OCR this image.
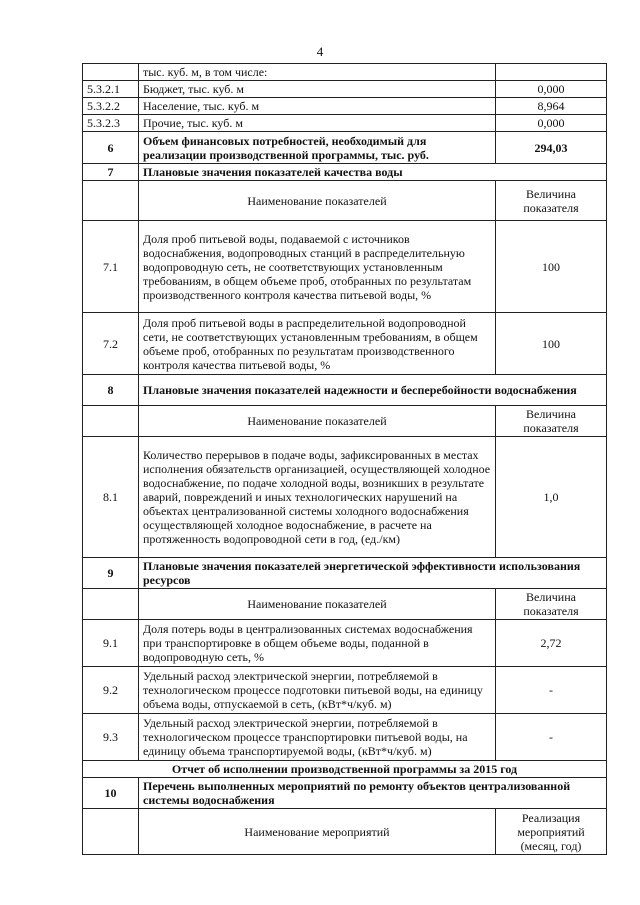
4
	тыс. куб. м, в том числе:	
5.3.2.1	Бюджет, тыс. куб. м	0,000
5.3.2.2	Население, тыс. куб. м	8,964
5.3.2.3	Прочие, тыс. куб. м	0,000
6	Объем финансовых потребностей, необходимый для реализации производственной программы, тыс. руб.	294,03
7	Плановые значения показателей качества воды	
	Наименование показателей	Величина показателя
7.1	Доля проб питьевой воды, подаваемой с источников водоснабжения, водопроводных станций в распределительную водопроводную сеть, не соответствующих установленным требованиям, в общем объеме проб, отобранных по результатам производственного контроля качества питьевой воды, %	100
7.2	Доля проб питьевой воды в распределительной водопроводной сети, не соответствующих установленным требованиям, в общем объеме проб, отобранных по результатам производственного контроля качества питьевой воды, %	100
8	Плановые значения показателей надежности и бесперебойности водоснабжения	
	Наименование показателей	Величина показателя
8.1	Количество перерывов в подаче воды, зафиксированных в местах исполнения обязательств организацией, осуществляющей холодное водоснабжение, по подаче холодной воды, возникших в результате аварий, повреждений и иных технологических нарушений на объектах централизованной системы холодного водоснабжения осуществляющей холодное водоснабжение, в расчете на протяженность водопроводной сети в год, (ед./км)	1,0
9	Плановые значения показателей энергетической эффективности использования ресурсов	
	Наименование показателей	Величина показателя
9.1	Доля потерь воды в централизованных системах водоснабжения при транспортировке в общем объеме воды, поданной в водопроводную сеть, %	2,72
9.2	Удельный расход электрической энергии, потребляемой в технологическом процессе подготовки питьевой воды, на единицу объема воды, отпускаемой в сеть, (кВт*ч/куб. м)	-
9.3	Удельный расход электрической энергии, потребляемой в технологическом процессе транспортировки питьевой воды, на единицу объема транспортируемой воды, (кВт*ч/куб. м)	-
Отчет об исполнении производственной программы за 2015 год		
10	Перечень выполненных мероприятий по ремонту объектов централизованной системы водоснабжения	
	Наименование мероприятий	Реализация мероприятий (месяц, год)
